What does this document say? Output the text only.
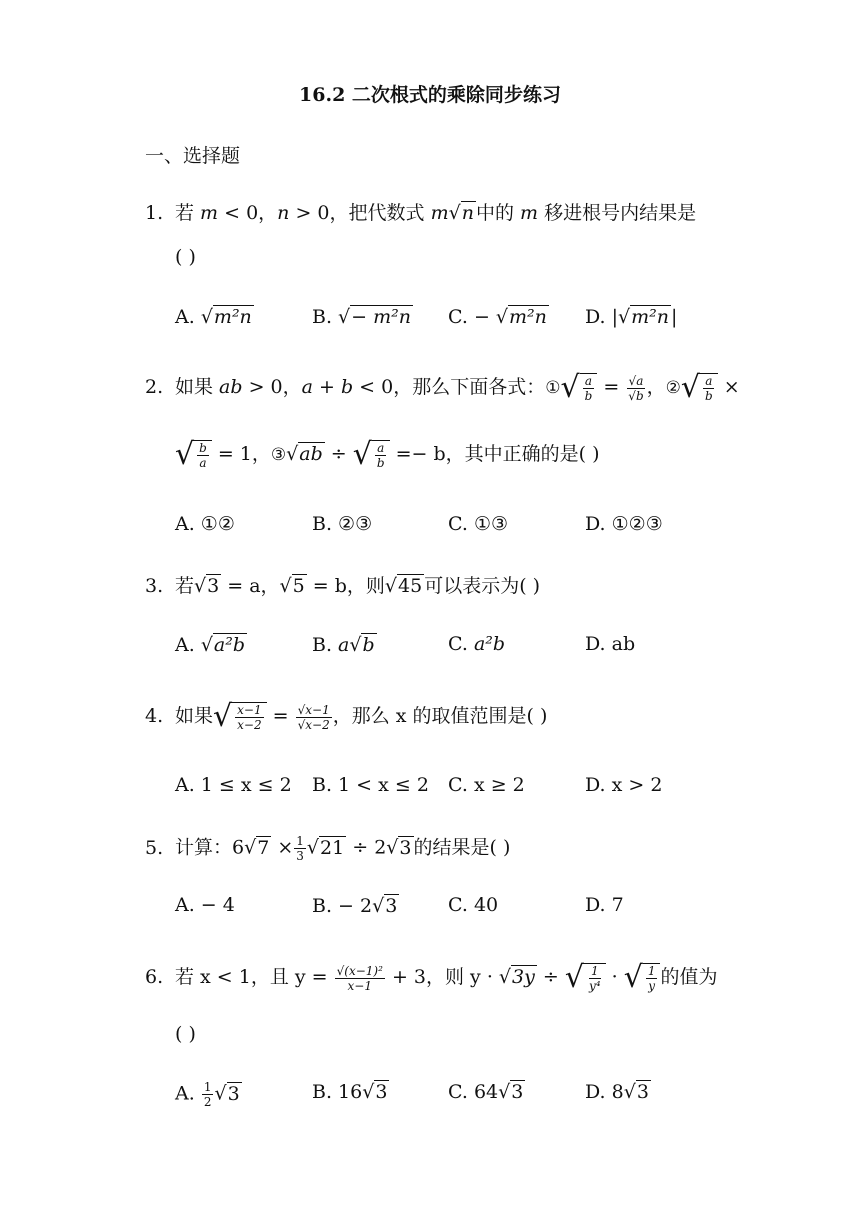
16.2 二次根式的乘除同步练习
一、选择题
1. 若 m < 0，n > 0，把代数式 m√n 中的 m 移进根号内结果是
( )
A. √m²n	B. √− m²n C. − √m²n D. |√m²n |
2. 如果 ab > 0，a + b < 0，那么下面各式：① √ $\frac{a}{b} = \frac{√a}{√b}$ ，② √ $\frac{a}{b}$ ×
√ $\frac{b}{a} = 1$，③√ab ÷ √ $\frac{a}{b} =- b$，其中正确的是( )
A. ①②	B. ②③	C. ①③	D. ①②③
3. 若√3 = a，√5 = b，则√45 可以表示为( )
A. √a²b	B. a√b	C. a²b	D. ab
4. 如果 √ $\frac{x-1}{x-2} = \frac{√x-1}{√x-2}$ ，那么 x 的取值范围是( )
A. 1 ≤ x ≤ 2 B. 1 < x ≤ 2 C. x ≥ 2	D. x > 2
5. 计算：$6√7 \times \frac{1}{3} √21 \div 2√3$ 的结果是( )
A. − 4	B. − 2√3	C. 40	D. 7
6. 若 x < 1，且 $y = \frac{\text{√(x−1)²}}{x-1} + 3$，则 y · √3y ÷ √ $\frac{1}{\text{y⁴}}$ · √ $\frac{1}{y}$ 的值为
( )
A. $\frac{1}{2} √3$	B. 16√3	C. 64√3	D. 8√3
